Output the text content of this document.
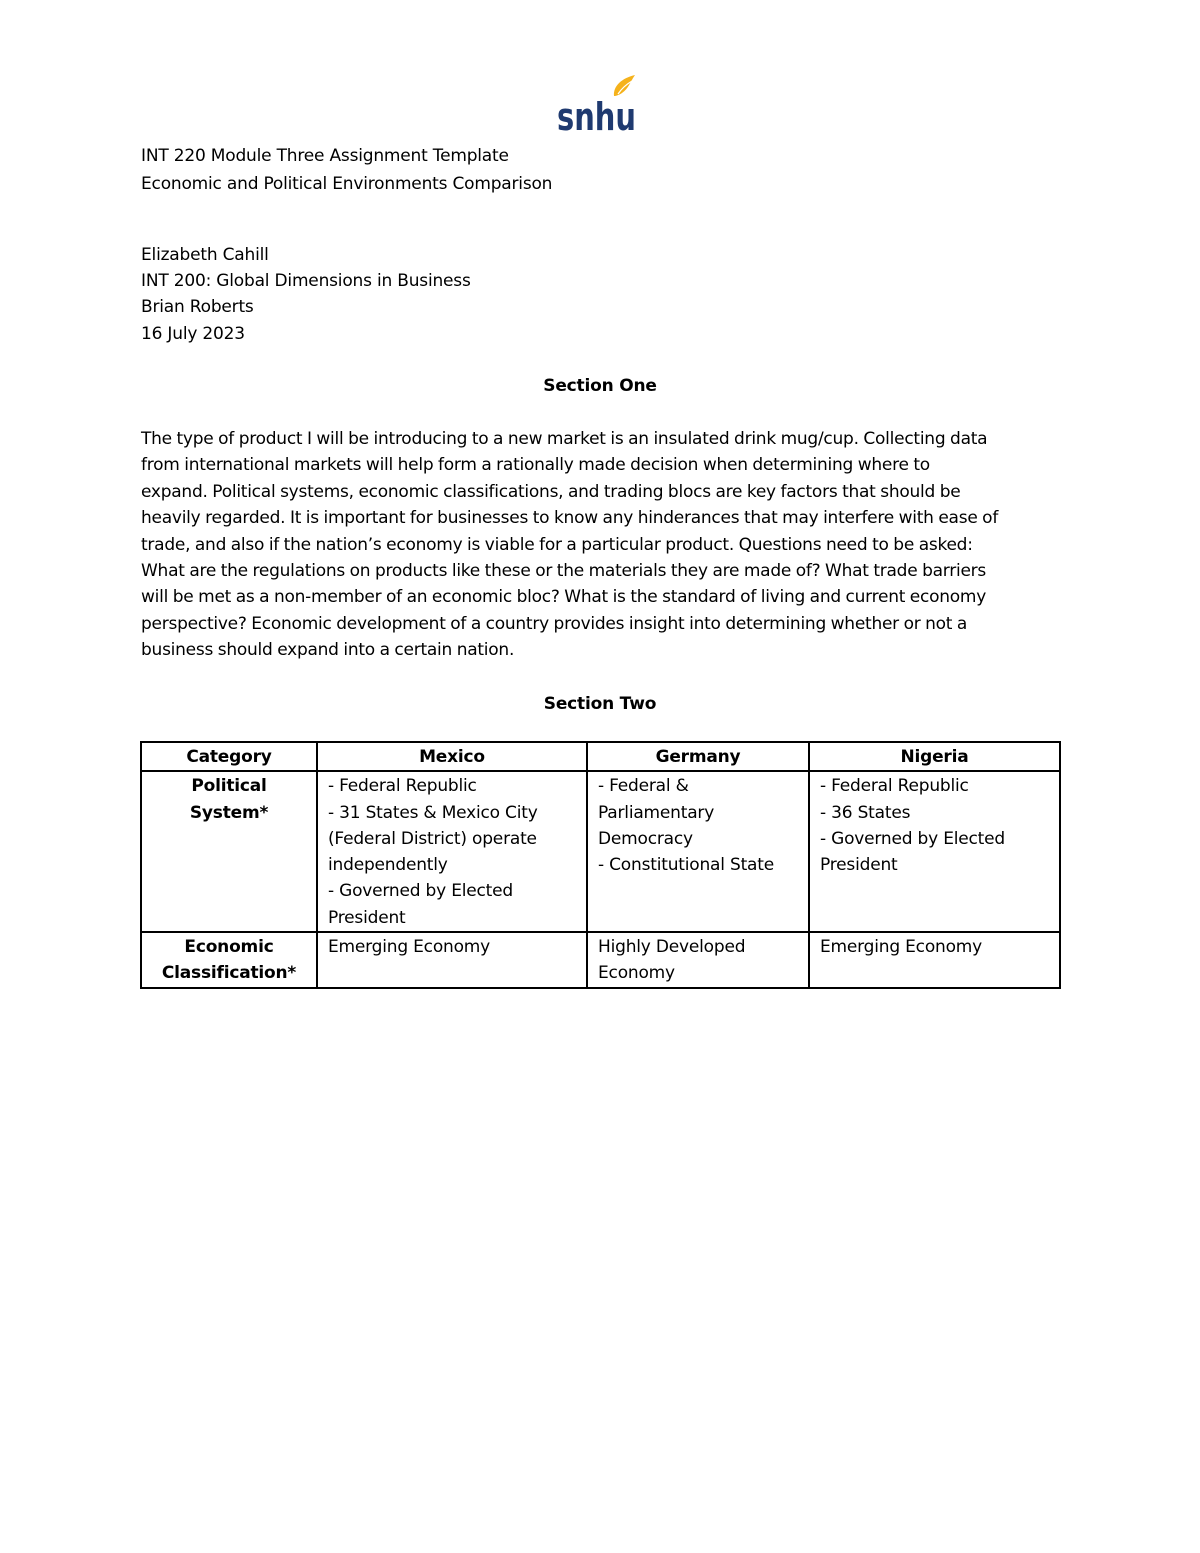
snhu
INT 220 Module Three Assignment Template
Economic and Political Environments Comparison
Elizabeth Cahill
INT 200: Global Dimensions in Business
Brian Roberts
16 July 2023
Section One
The type of product I will be introducing to a new market is an insulated drink mug/cup. Collecting data
from international markets will help form a rationally made decision when determining where to
expand. Political systems, economic classifications, and trading blocs are key factors that should be
heavily regarded. It is important for businesses to know any hinderances that may interfere with ease of
trade, and also if the nation’s economy is viable for a particular product. Questions need to be asked:
What are the regulations on products like these or the materials they are made of? What trade barriers
will be met as a non-member of an economic bloc? What is the standard of living and current economy
perspective? Economic development of a country provides insight into determining whether or not a
business should expand into a certain nation.
Section Two
Category	Mexico	Germany	Nigeria
Political System*	- Federal Republic
- 31 States & Mexico City (Federal District) operate independently
- Governed by Elected President	- Federal & Parliamentary Democracy
- Constitutional State	- Federal Republic
- 36 States
- Governed by Elected President

Economic Classification*	Emerging Economy	Highly Developed Economy	Emerging Economy
